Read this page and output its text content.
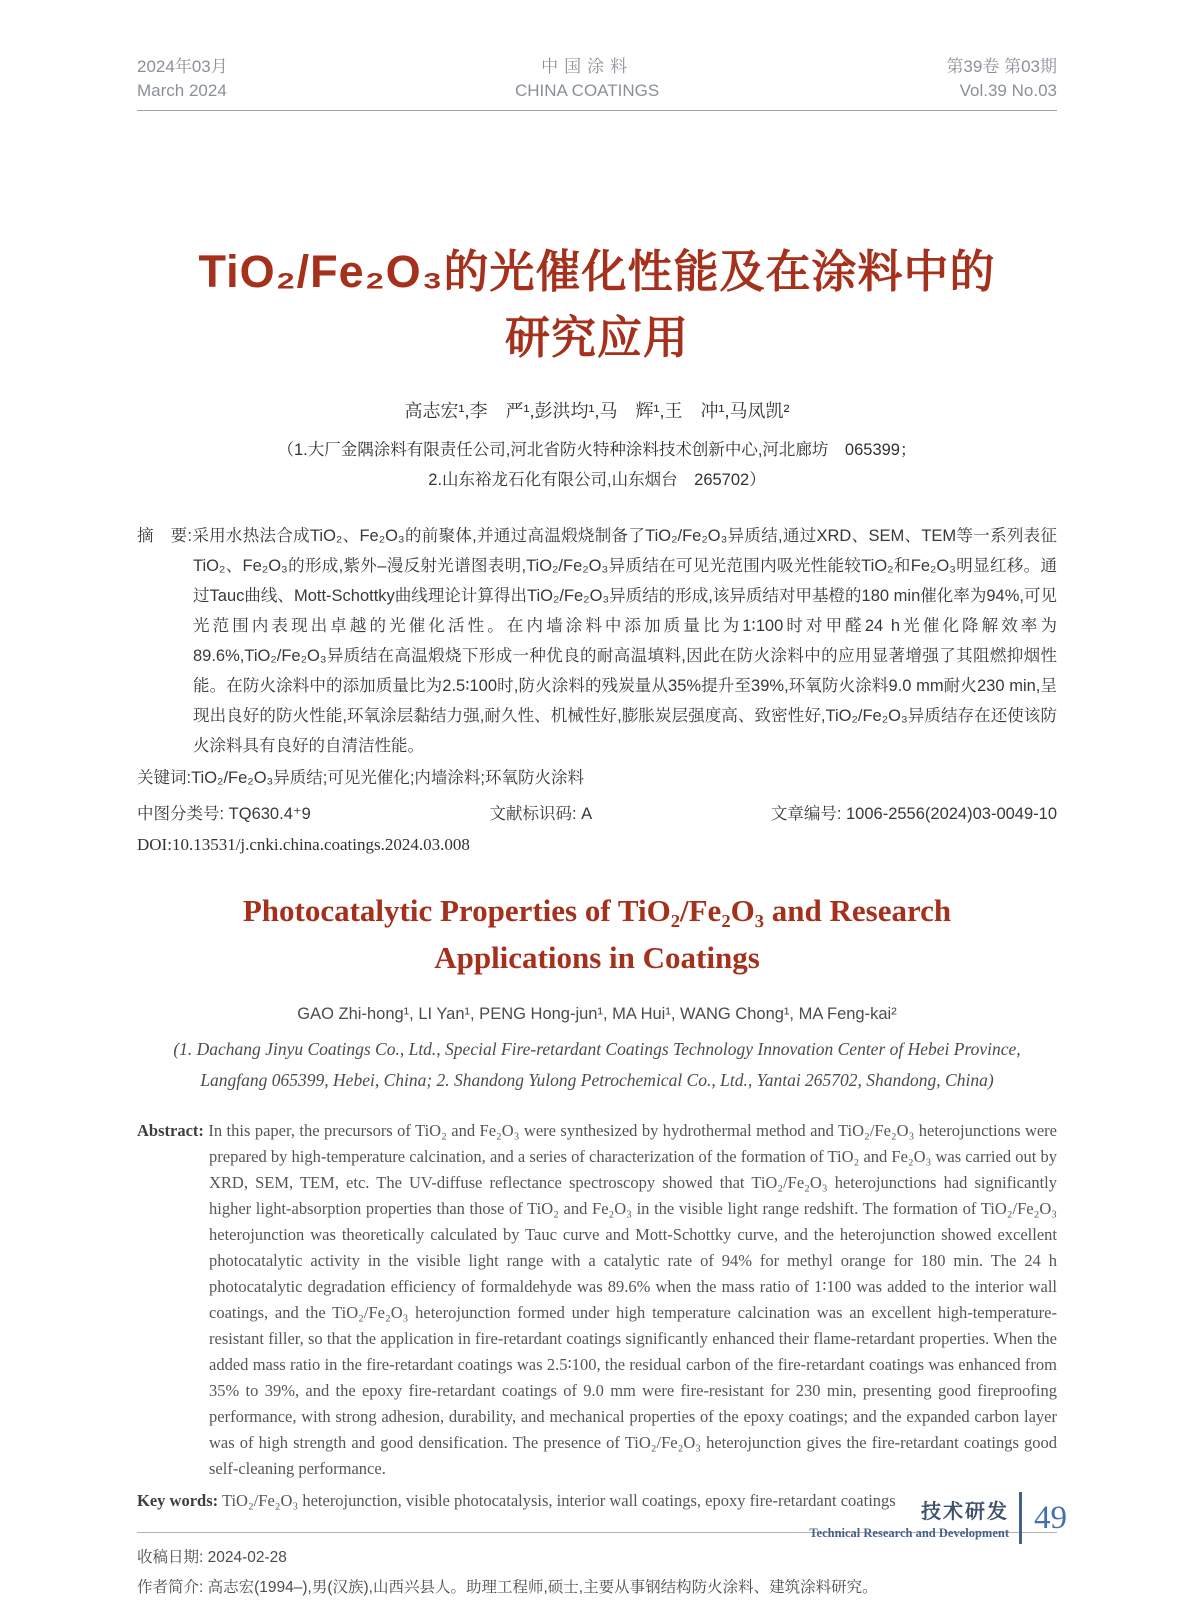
2024年03月
March 2024
中国涂料
CHINA COATINGS
第39卷 第03期
Vol.39 No.03
TiO₂/Fe₂O₃的光催化性能及在涂料中的
研究应用
高志宏¹,李　严¹,彭洪均¹,马　辉¹,王　冲¹,马凤凯²
（1.大厂金隅涂料有限责任公司,河北省防火特种涂料技术创新中心,河北廊坊　065399；
2.山东裕龙石化有限公司,山东烟台　265702）

摘　要:采用水热法合成TiO₂、Fe₂O₃的前聚体,并通过高温煅烧制备了TiO₂/Fe₂O₃异质结,通过XRD、SEM、TEM等一系列表征TiO₂、Fe₂O₃的形成,紫外–漫反射光谱图表明,TiO₂/Fe₂O₃异质结在可见光范围内吸光性能较TiO₂和Fe₂O₃明显红移。通过Tauc曲线、Mott-Schottky曲线理论计算得出TiO₂/Fe₂O₃异质结的形成,该异质结对甲基橙的180 min催化率为94%,可见光范围内表现出卓越的光催化活性。在内墙涂料中添加质量比为1∶100时对甲醛24 h光催化降解效率为89.6%,TiO₂/Fe₂O₃异质结在高温煅烧下形成一种优良的耐高温填料,因此在防火涂料中的应用显著增强了其阻燃抑烟性能。在防火涂料中的添加质量比为2.5∶100时,防火涂料的残炭量从35%提升至39%,环氧防火涂料9.0 mm耐火230 min,呈现出良好的防火性能,环氧涂层黏结力强,耐久性、机械性好,膨胀炭层强度高、致密性好,TiO₂/Fe₂O₃异质结存在还使该防火涂料具有良好的自清洁性能。

关键词:TiO₂/Fe₂O₃异质结;可见光催化;内墙涂料;环氧防火涂料

中图分类号: TQ630.4⁺9	文献标识码: A	文章编号: 1006-2556(2024)03-0049-10
DOI:10.13531/j.cnki.china.coatings.2024.03.008
Photocatalytic Properties of TiO₂/Fe₂O₃ and Research
Applications in Coatings
GAO Zhi-hong¹, LI Yan¹, PENG Hong-jun¹, MA Hui¹, WANG Chong¹, MA Feng-kai²
(1. Dachang Jinyu Coatings Co., Ltd., Special Fire-retardant Coatings Technology Innovation Center of Hebei Province,
Langfang 065399, Hebei, China; 2. Shandong Yulong Petrochemical Co., Ltd., Yantai 265702, Shandong, China)

Abstract: In this paper, the precursors of TiO₂ and Fe₂O₃ were synthesized by hydrothermal method and TiO₂/Fe₂O₃ heterojunctions were prepared by high-temperature calcination, and a series of characterization of the formation of TiO₂ and Fe₂O₃ was carried out by XRD, SEM, TEM, etc. The UV-diffuse reflectance spectroscopy showed that TiO₂/Fe₂O₃ heterojunctions had significantly higher light-absorption properties than those of TiO₂ and Fe₂O₃ in the visible light range redshift. The formation of TiO₂/Fe₂O₃ heterojunction was theoretically calculated by Tauc curve and Mott-Schottky curve, and the heterojunction showed excellent photocatalytic activity in the visible light range with a catalytic rate of 94% for methyl orange for 180 min. The 24 h photocatalytic degradation efficiency of formaldehyde was 89.6% when the mass ratio of 1∶100 was added to the interior wall coatings, and the TiO₂/Fe₂O₃ heterojunction formed under high temperature calcination was an excellent high-temperature-resistant filler, so that the application in fire-retardant coatings significantly enhanced their flame-retardant properties. When the added mass ratio in the fire-retardant coatings was 2.5∶100, the residual carbon of the fire-retardant coatings was enhanced from 35% to 39%, and the epoxy fire-retardant coatings of 9.0 mm were fire-resistant for 230 min, presenting good fireproofing performance, with strong adhesion, durability, and mechanical properties of the epoxy coatings; and the expanded carbon layer was of high strength and good densification. The presence of TiO₂/Fe₂O₃ heterojunction gives the fire-retardant coatings good self-cleaning performance.

Key words: TiO₂/Fe₂O₃ heterojunction, visible photocatalysis, interior wall coatings, epoxy fire-retardant coatings

收稿日期: 2024-02-28
作者简介: 高志宏(1994–),男(汉族),山西兴县人。助理工程师,硕士,主要从事钢结构防火涂料、建筑涂料研究。
技术研发
Technical Research and Development 49
